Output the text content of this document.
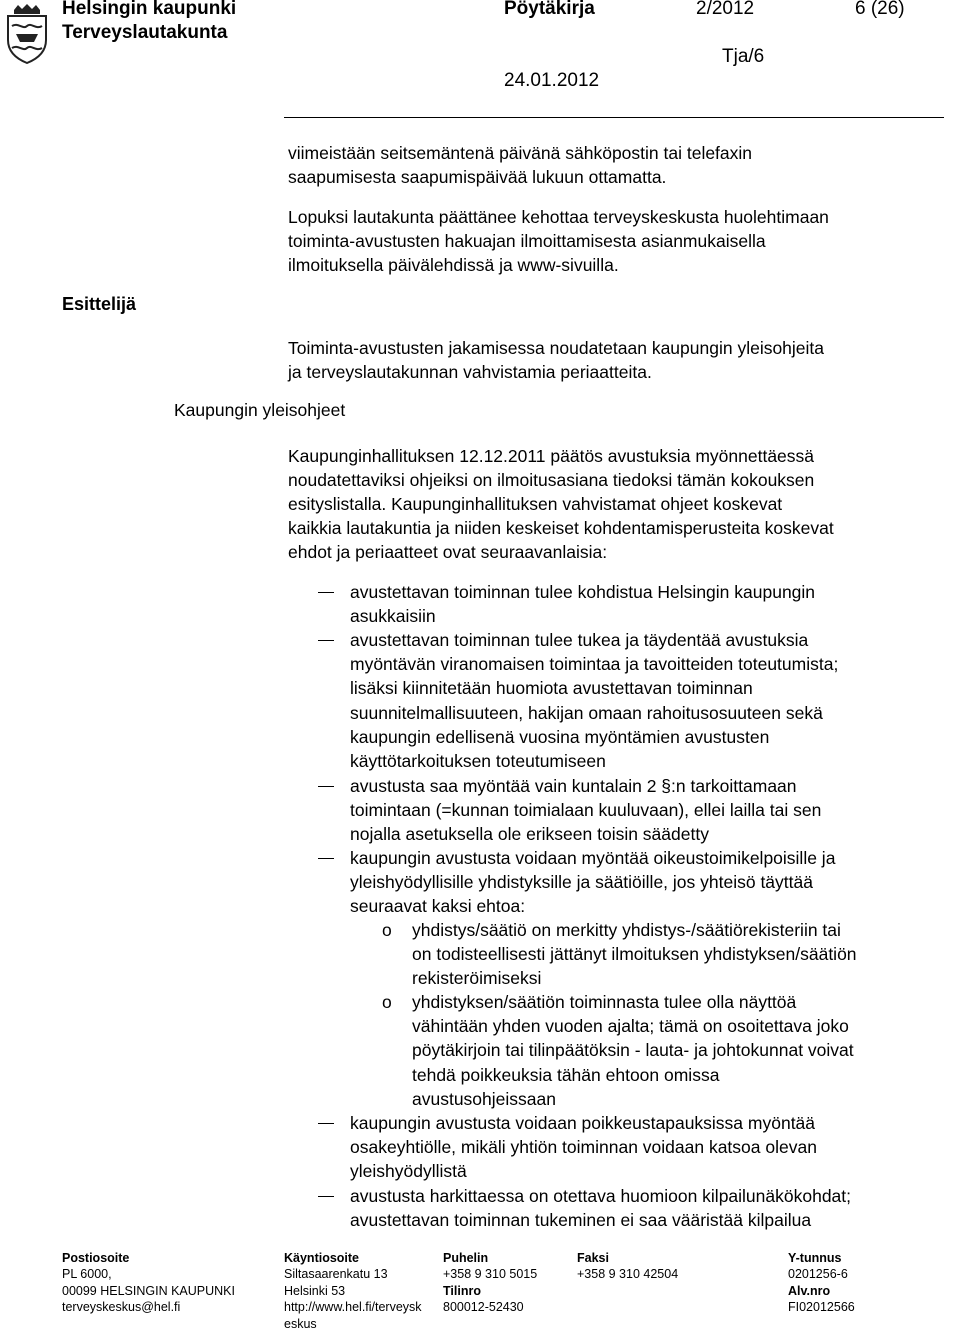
Helsingin kaupunki
Terveyslautakunta
Pöytäkirja	2/2012	6 (26)
24.01.2012
Tja/6
viimeistään seitsemäntenä päivänä sähköpostin tai telefaxin
saapumisesta saapumispäivää lukuun ottamatta.
Lopuksi lautakunta päättänee kehottaa terveyskeskusta huolehtimaan
toiminta-avustusten hakuajan ilmoittamisesta asianmukaisella
ilmoituksella päivälehdissä ja www-sivuilla.
Esittelijä
Toiminta-avustusten jakamisessa noudatetaan kaupungin yleisohjeita
ja terveyslautakunnan vahvistamia periaatteita.
Kaupungin yleisohjeet
Kaupunginhallituksen 12.12.2011 päätös avustuksia myönnettäessä
noudatettaviksi ohjeiksi on ilmoitusasiana tiedoksi tämän kokouksen
esityslistalla. Kaupunginhallituksen vahvistamat ohjeet koskevat
kaikkia lautakuntia ja niiden keskeiset kohdentamisperusteita koskevat
ehdot ja periaatteet ovat seuraavanlaisia:
avustettavan toiminnan tulee kohdistua Helsingin kaupungin
asukkaisiin
avustettavan toiminnan tulee tukea ja täydentää avustuksia
myöntävän viranomaisen toimintaa ja tavoitteiden toteutumista;
lisäksi kiinnitetään huomiota avustettavan toiminnan
suunnitelmallisuuteen, hakijan omaan rahoitusosuuteen sekä
kaupungin edellisenä vuosina myöntämien avustusten
käyttötarkoituksen toteutumiseen
avustusta saa myöntää vain kuntalain 2 §:n tarkoittamaan
toimintaan (=kunnan toimialaan kuuluvaan), ellei lailla tai sen
nojalla asetuksella ole erikseen toisin säädetty
kaupungin avustusta voidaan myöntää oikeustoimikelpoisille ja
yleishyödyllisille yhdistyksille ja säätiöille, jos yhteisö täyttää
seuraavat kaksi ehtoa:
o yhdistys/säätiö on merkitty yhdistys-/säätiörekisteriin tai
on todisteellisesti jättänyt ilmoituksen yhdistyksen/säätiön
rekisteröimiseksi
o yhdistyksen/säätiön toiminnasta tulee olla näyttöä
vähintään yhden vuoden ajalta; tämä on osoitettava joko
pöytäkirjoin tai tilinpäätöksin - lauta- ja johtokunnat voivat
tehdä poikkeuksia tähän ehtoon omissa
avustusohjeissaan
kaupungin avustusta voidaan poikkeustapauksissa myöntää
osakeyhtiölle, mikäli yhtiön toiminnan voidaan katsoa olevan
yleishyödyllistä
avustusta harkittaessa on otettava huomioon kilpailunäkökohdat;
avustettavan toiminnan tukeminen ei saa vääristää kilpailua
Postiosoite
PL 6000,
00099 HELSINGIN KAUPUNKI
terveyskeskus@hel.fi
Käyntiosoite
Siltasaarenkatu 13
Helsinki 53
http://www.hel.fi/terveysk
eskus
Puhelin
+358 9 310 5015
Tilinro
800012-52430
Faksi
+358 9 310 42504
Y-tunnus
0201256-6
Alv.nro
FI02012566
